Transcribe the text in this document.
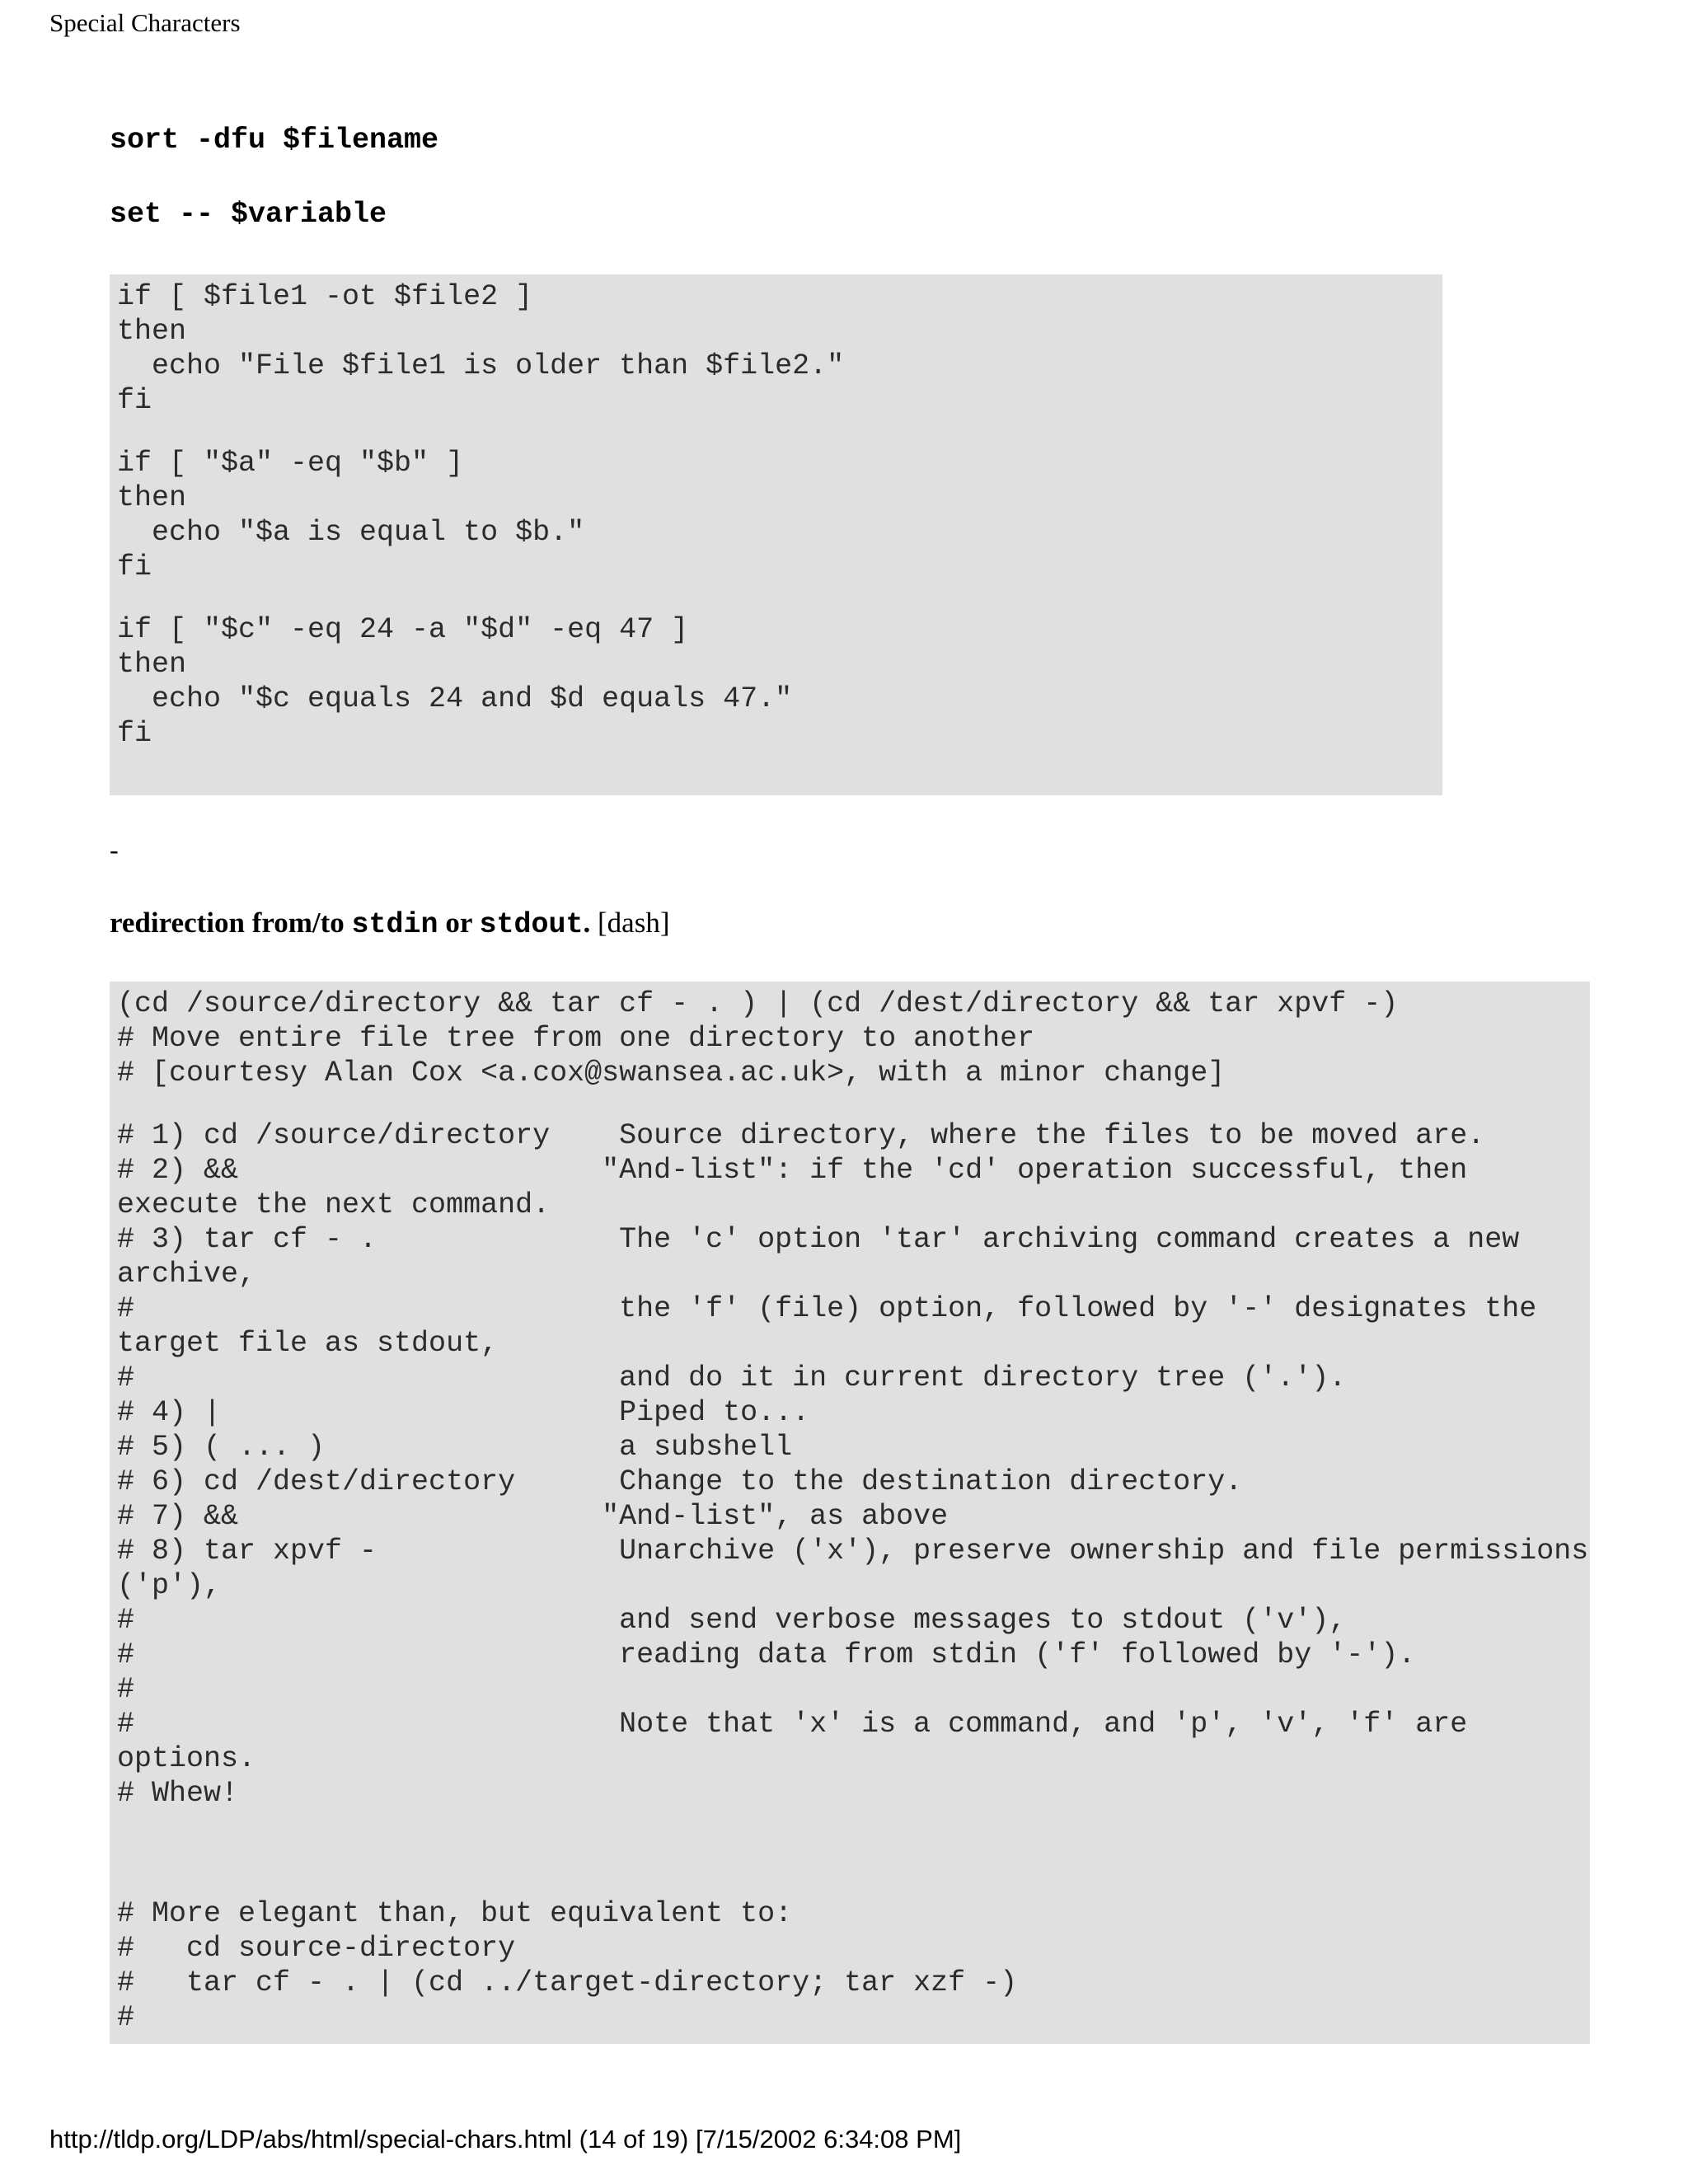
Special Characters
sort -dfu $filename
set -- $variable
if [ $file1 -ot $file2 ]
then
echo "File $file1 is older than $file2."
fi
if [ "$a" -eq "$b" ]
then
echo "$a is equal to $b."
fi
if [ "$c" -eq 24 -a "$d" -eq 47 ]
then
echo "$c equals 24 and $d equals 47."
fi
-
redirection from/to stdin or stdout. [dash]
(cd /source/directory && tar cf - . ) | (cd /dest/directory && tar xpvf -)
# Move entire file tree from one directory to another
# [courtesy Alan Cox <a.cox@swansea.ac.uk>, with a minor change]
# 1) cd /source/directory    Source directory, where the files to be moved are.
# 2) &&                     "And-list": if the 'cd' operation successful, then
execute the next command.
# 3) tar cf - .              The 'c' option 'tar' archiving command creates a new
archive,
#                            the 'f' (file) option, followed by '-' designates the
target file as stdout,
#                            and do it in current directory tree ('.').
# 4) |                       Piped to...
# 5) ( ... )                 a subshell
# 6) cd /dest/directory      Change to the destination directory.
# 7) &&                     "And-list", as above
# 8) tar xpvf -              Unarchive ('x'), preserve ownership and file permissions
('p'),
#                            and send verbose messages to stdout ('v'),
#                            reading data from stdin ('f' followed by '-').
#
#                            Note that 'x' is a command, and 'p', 'v', 'f' are
options.
# Whew!
# More elegant than, but equivalent to:
#   cd source-directory
#   tar cf - . | (cd ../target-directory; tar xzf -)
#
http://tldp.org/LDP/abs/html/special-chars.html (14 of 19) [7/15/2002 6:34:08 PM]
